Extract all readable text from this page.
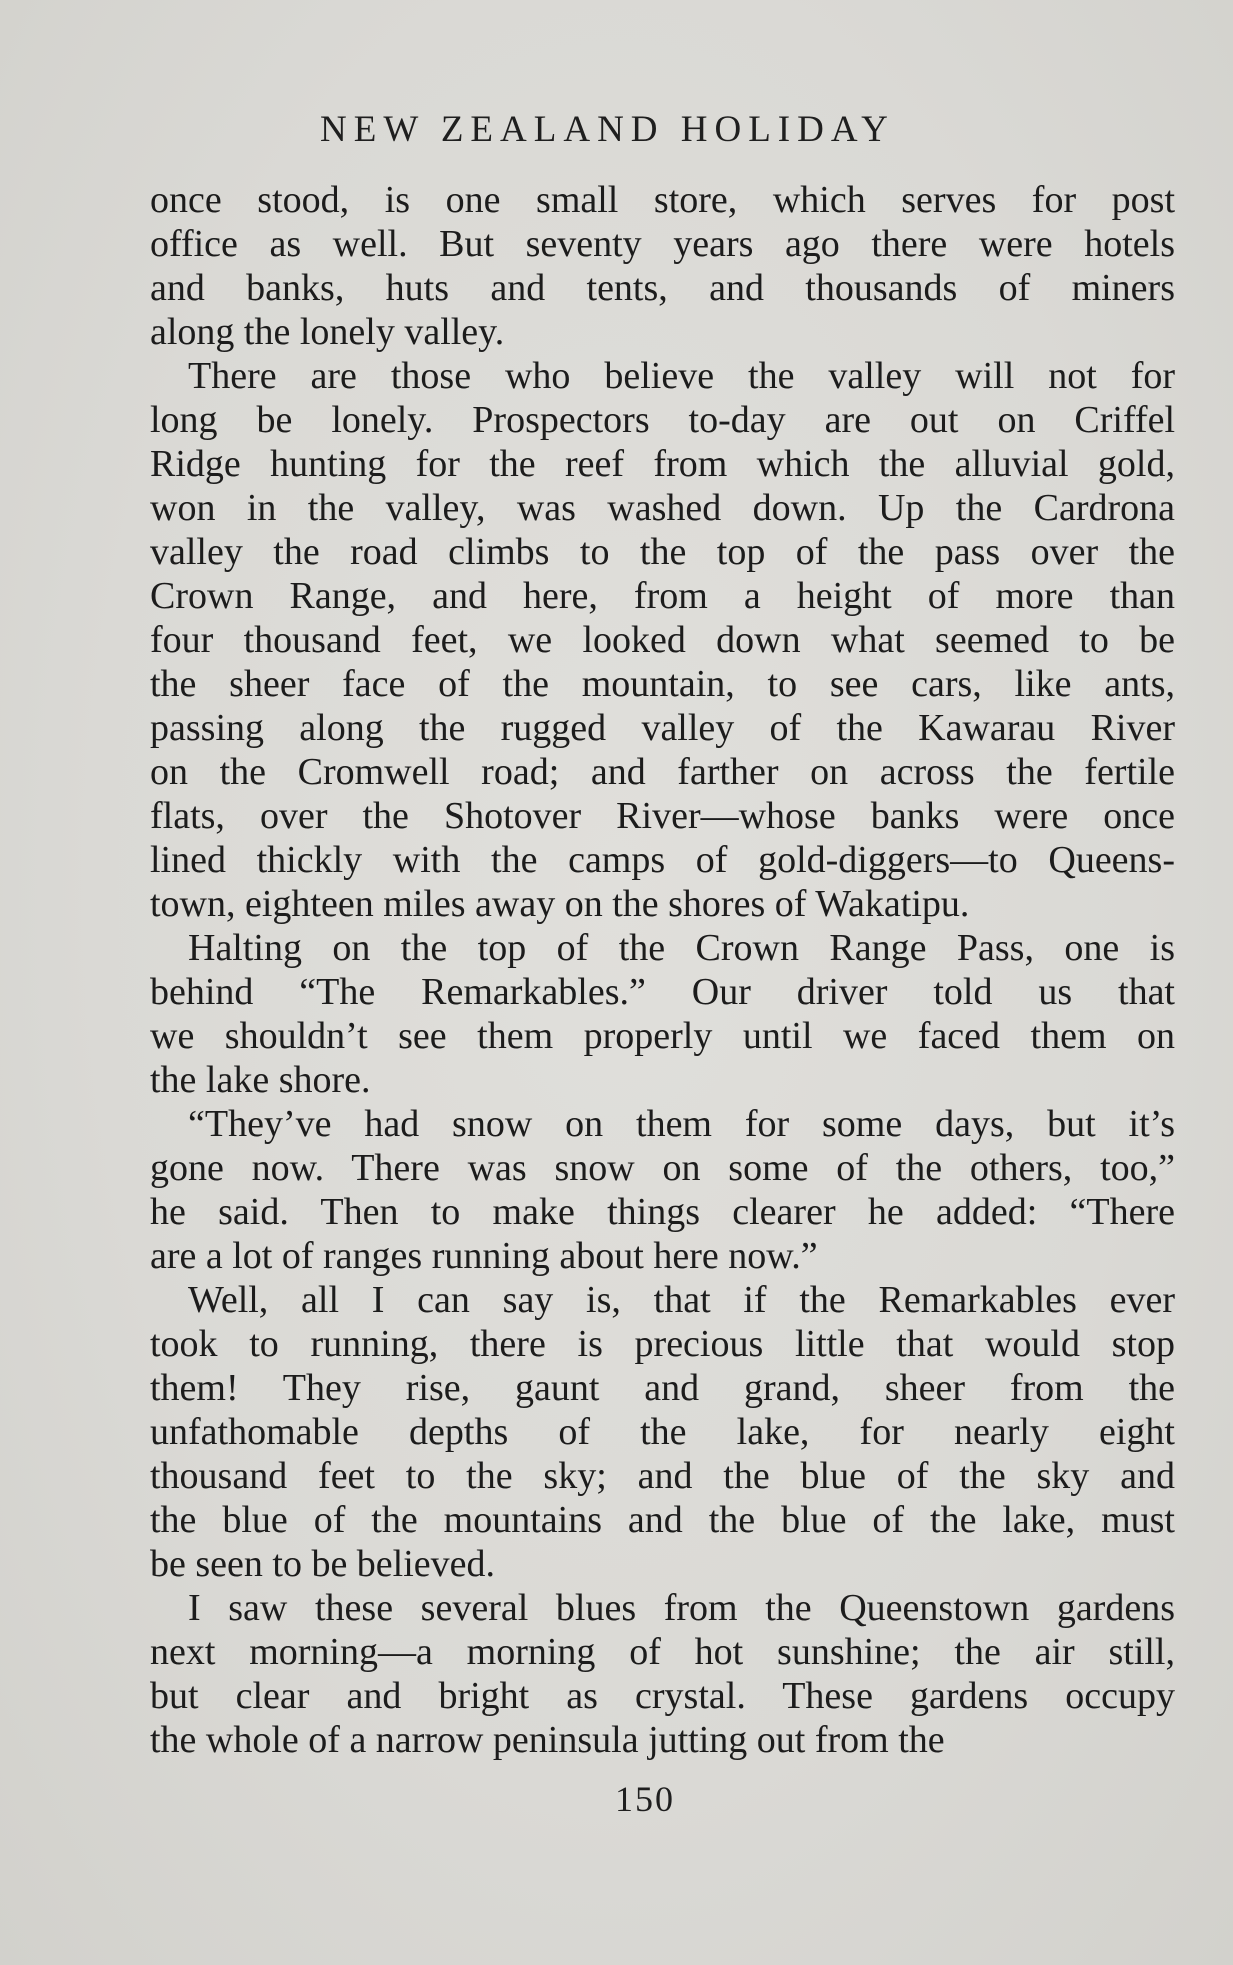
NEW ZEALAND HOLIDAY
once stood, is one small store, which serves for post
office as well. But seventy years ago there were hotels
and banks, huts and tents, and thousands of miners
along the lonely valley.
There are those who believe the valley will not for
long be lonely. Prospectors to-day are out on Criffel
Ridge hunting for the reef from which the alluvial gold,
won in the valley, was washed down. Up the Cardrona
valley the road climbs to the top of the pass over the
Crown Range, and here, from a height of more than
four thousand feet, we looked down what seemed to be
the sheer face of the mountain, to see cars, like ants,
passing along the rugged valley of the Kawarau River
on the Cromwell road; and farther on across the fertile
flats, over the Shotover River—whose banks were once
lined thickly with the camps of gold-diggers—to Queens-
town, eighteen miles away on the shores of Wakatipu.
Halting on the top of the Crown Range Pass, one is
behind “The Remarkables.” Our driver told us that
we shouldn’t see them properly until we faced them on
the lake shore.
“They’ve had snow on them for some days, but it’s
gone now. There was snow on some of the others, too,”
he said. Then to make things clearer he added: “There
are a lot of ranges running about here now.”
Well, all I can say is, that if the Remarkables ever
took to running, there is precious little that would stop
them! They rise, gaunt and grand, sheer from the
unfathomable depths of the lake, for nearly eight
thousand feet to the sky; and the blue of the sky and
the blue of the mountains and the blue of the lake, must
be seen to be believed.
I saw these several blues from the Queenstown gardens
next morning—a morning of hot sunshine; the air still,
but clear and bright as crystal. These gardens occupy
the whole of a narrow peninsula jutting out from the
150
